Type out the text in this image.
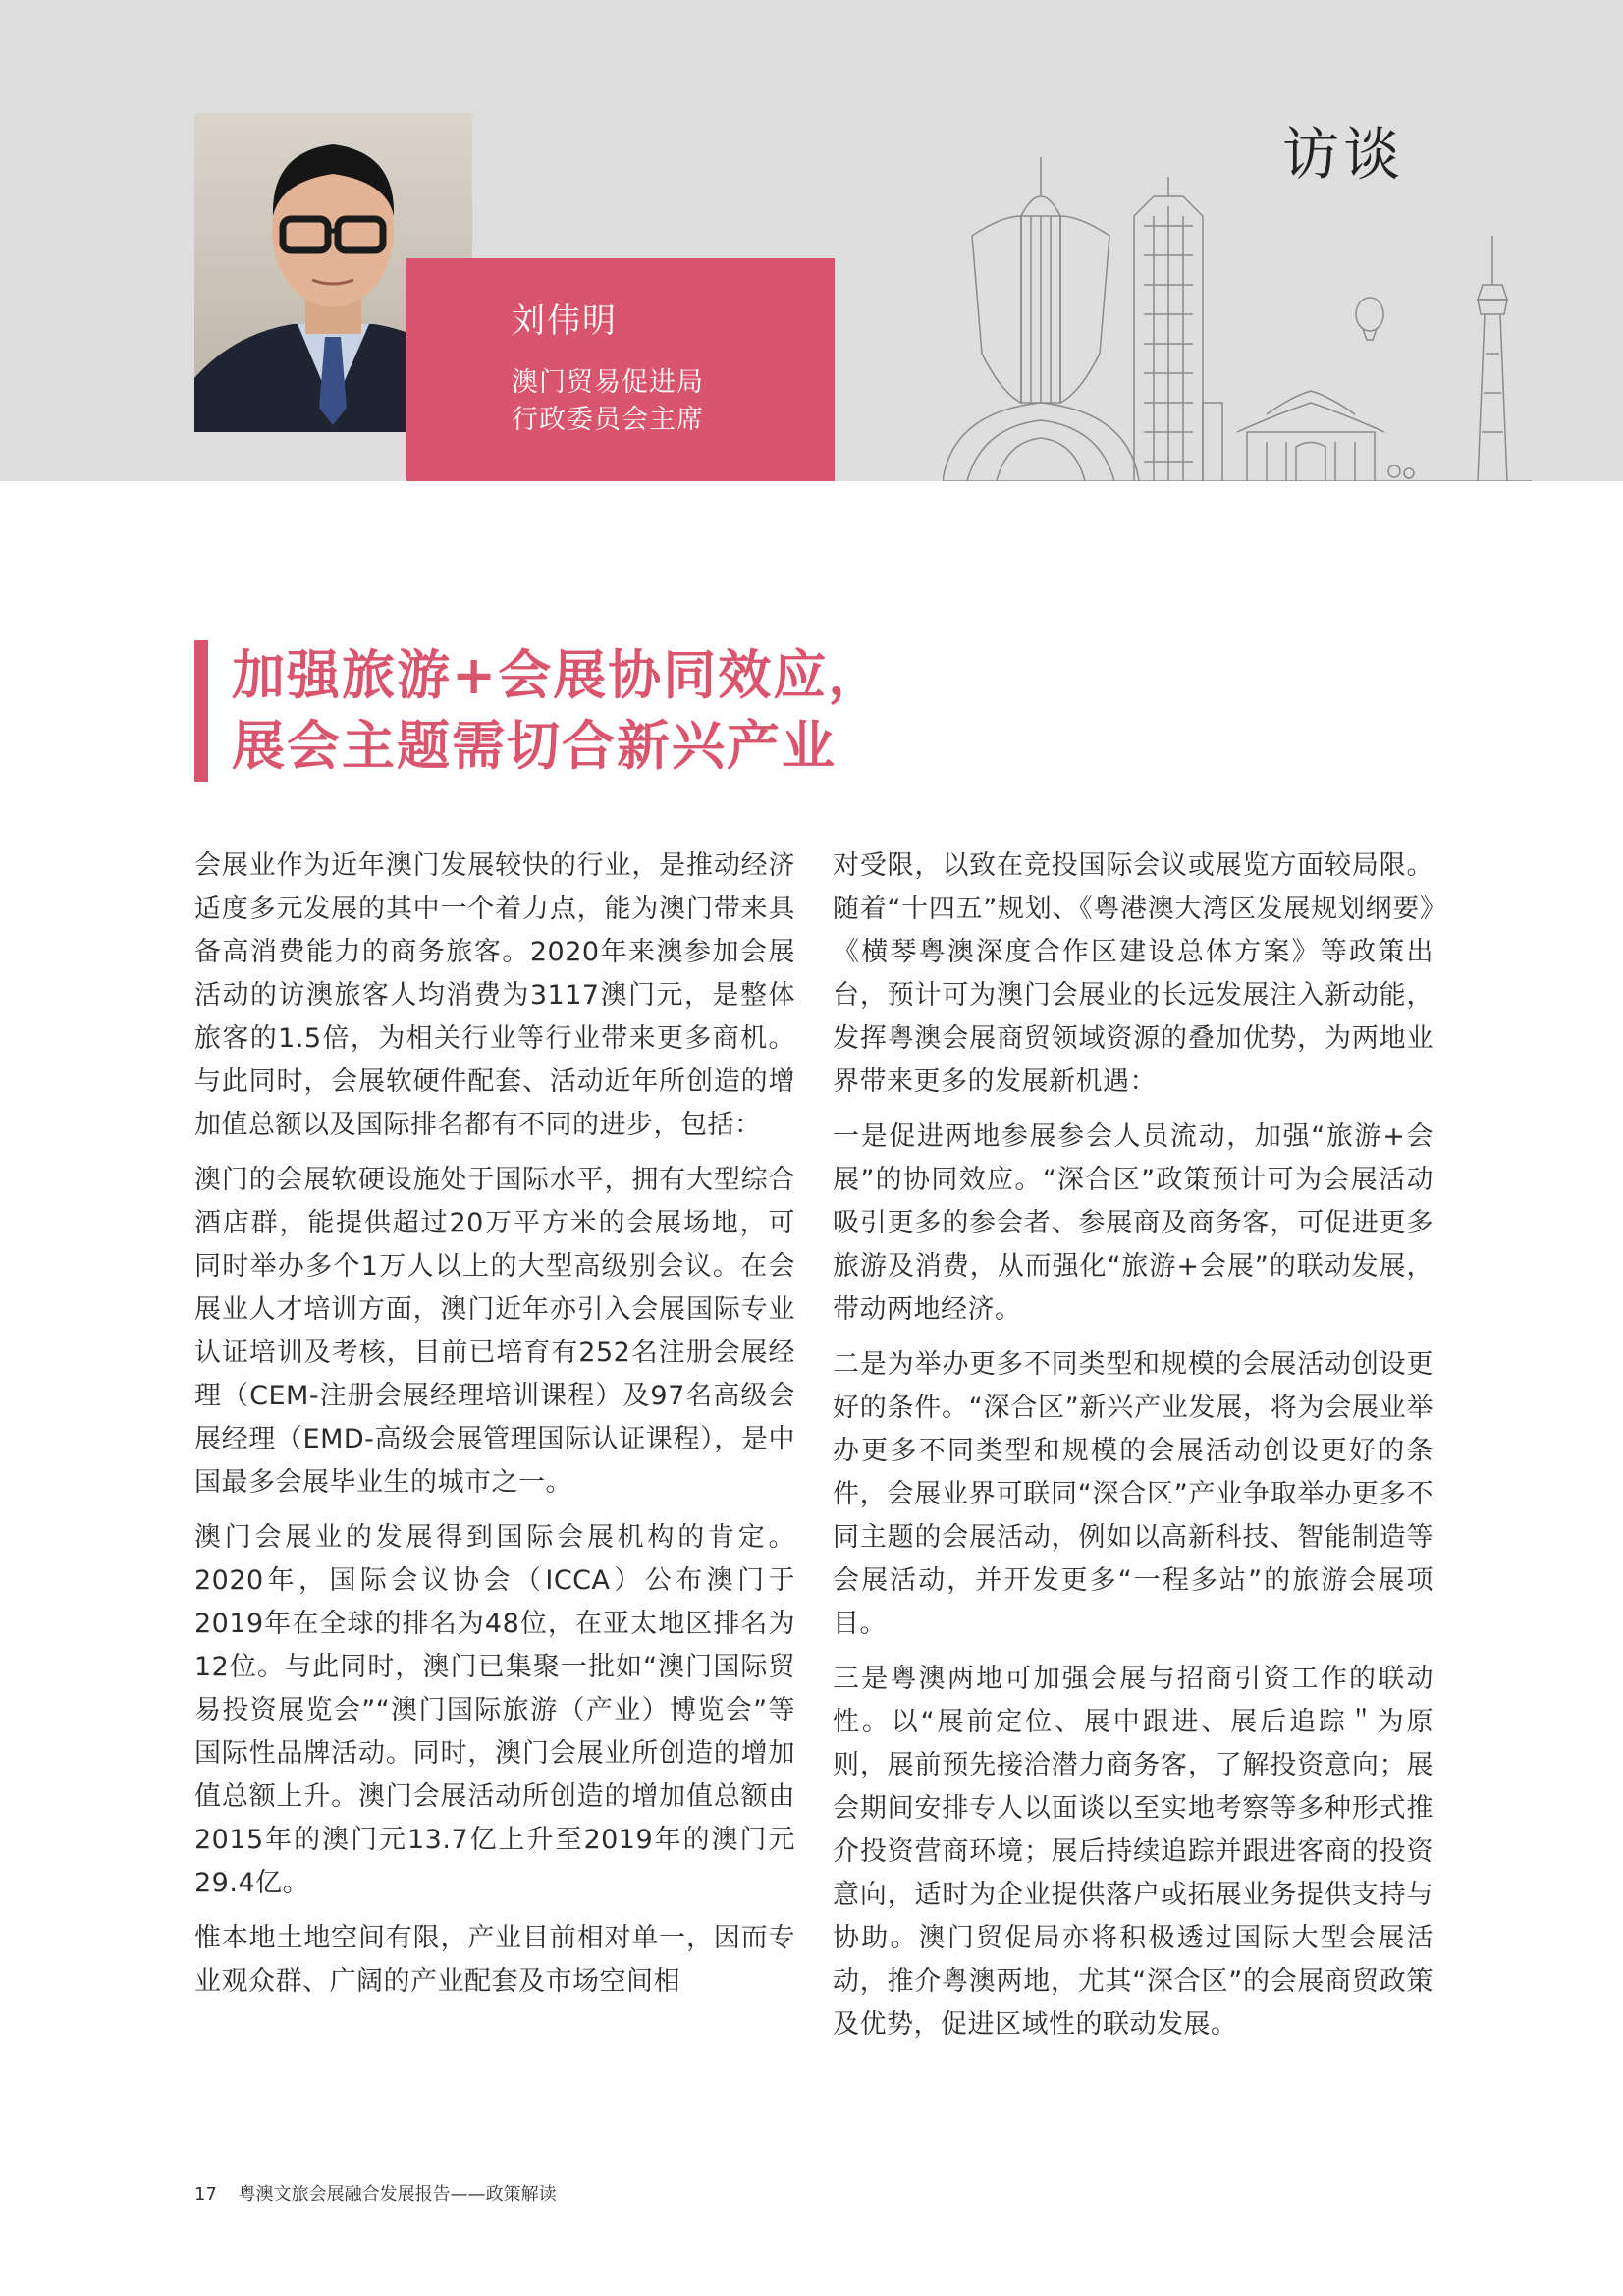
刘伟明
澳门贸易促进局
行政委员会主席
访谈
加强旅游+会展协同效应，
展会主题需切合新兴产业

会展业作为近年澳门发展较快的行业，是推动经济适度多元发展的其中一个着力点，能为澳门带来具备高消费能力的商务旅客。2020年来澳参加会展活动的访澳旅客人均消费为3117澳门元，是整体旅客的1.5倍，为相关行业等行业带来更多商机。与此同时，会展软硬件配套、活动近年所创造的增加值总额以及国际排名都有不同的进步，包括：

澳门的会展软硬设施处于国际水平，拥有大型综合酒店群，能提供超过20万平方米的会展场地，可同时举办多个1万人以上的大型高级别会议。在会展业人才培训方面，澳门近年亦引入会展国际专业认证培训及考核，目前已培育有252名注册会展经理（CEM-注册会展经理培训课程）及97名高级会展经理（EMD-高级会展管理国际认证课程），是中国最多会展毕业生的城市之一。

澳门会展业的发展得到国际会展机构的肯定。2020年，国际会议协会（ICCA）公布澳门于2019年在全球的排名为48位，在亚太地区排名为12位。与此同时，澳门已集聚一批如“澳门国际贸易投资展览会”“澳门国际旅游（产业）博览会”等国际性品牌活动。同时，澳门会展业所创造的增加值总额上升。澳门会展活动所创造的增加值总额由2015年的澳门元13.7亿上升至2019年的澳门元29.4亿。

惟本地土地空间有限，产业目前相对单一，因而专业观众群、广阔的产业配套及市场空间相

对受限，以致在竞投国际会议或展览方面较局限。随着“十四五”规划、《粤港澳大湾区发展规划纲要》《横琴粤澳深度合作区建设总体方案》等政策出台，预计可为澳门会展业的长远发展注入新动能，发挥粤澳会展商贸领域资源的叠加优势，为两地业界带来更多的发展新机遇：

一是促进两地参展参会人员流动，加强“旅游+会展”的协同效应。“深合区”政策预计可为会展活动吸引更多的参会者、参展商及商务客，可促进更多旅游及消费，从而强化“旅游+会展”的联动发展，带动两地经济。

二是为举办更多不同类型和规模的会展活动创设更好的条件。“深合区”新兴产业发展，将为会展业举办更多不同类型和规模的会展活动创设更好的条件，会展业界可联同“深合区”产业争取举办更多不同主题的会展活动，例如以高新科技、智能制造等会展活动，并开发更多“一程多站”的旅游会展项目。

三是粤澳两地可加强会展与招商引资工作的联动性。以“展前定位、展中跟进、展后追踪＂为原则，展前预先接洽潜力商务客，了解投资意向；展会期间安排专人以面谈以至实地考察等多种形式推介投资营商环境；展后持续追踪并跟进客商的投资意向，适时为企业提供落户或拓展业务提供支持与协助。澳门贸促局亦将积极透过国际大型会展活动，推介粤澳两地，尤其“深合区”的会展商贸政策及优势，促进区域性的联动发展。

17 粤澳文旅会展融合发展报告——政策解读
